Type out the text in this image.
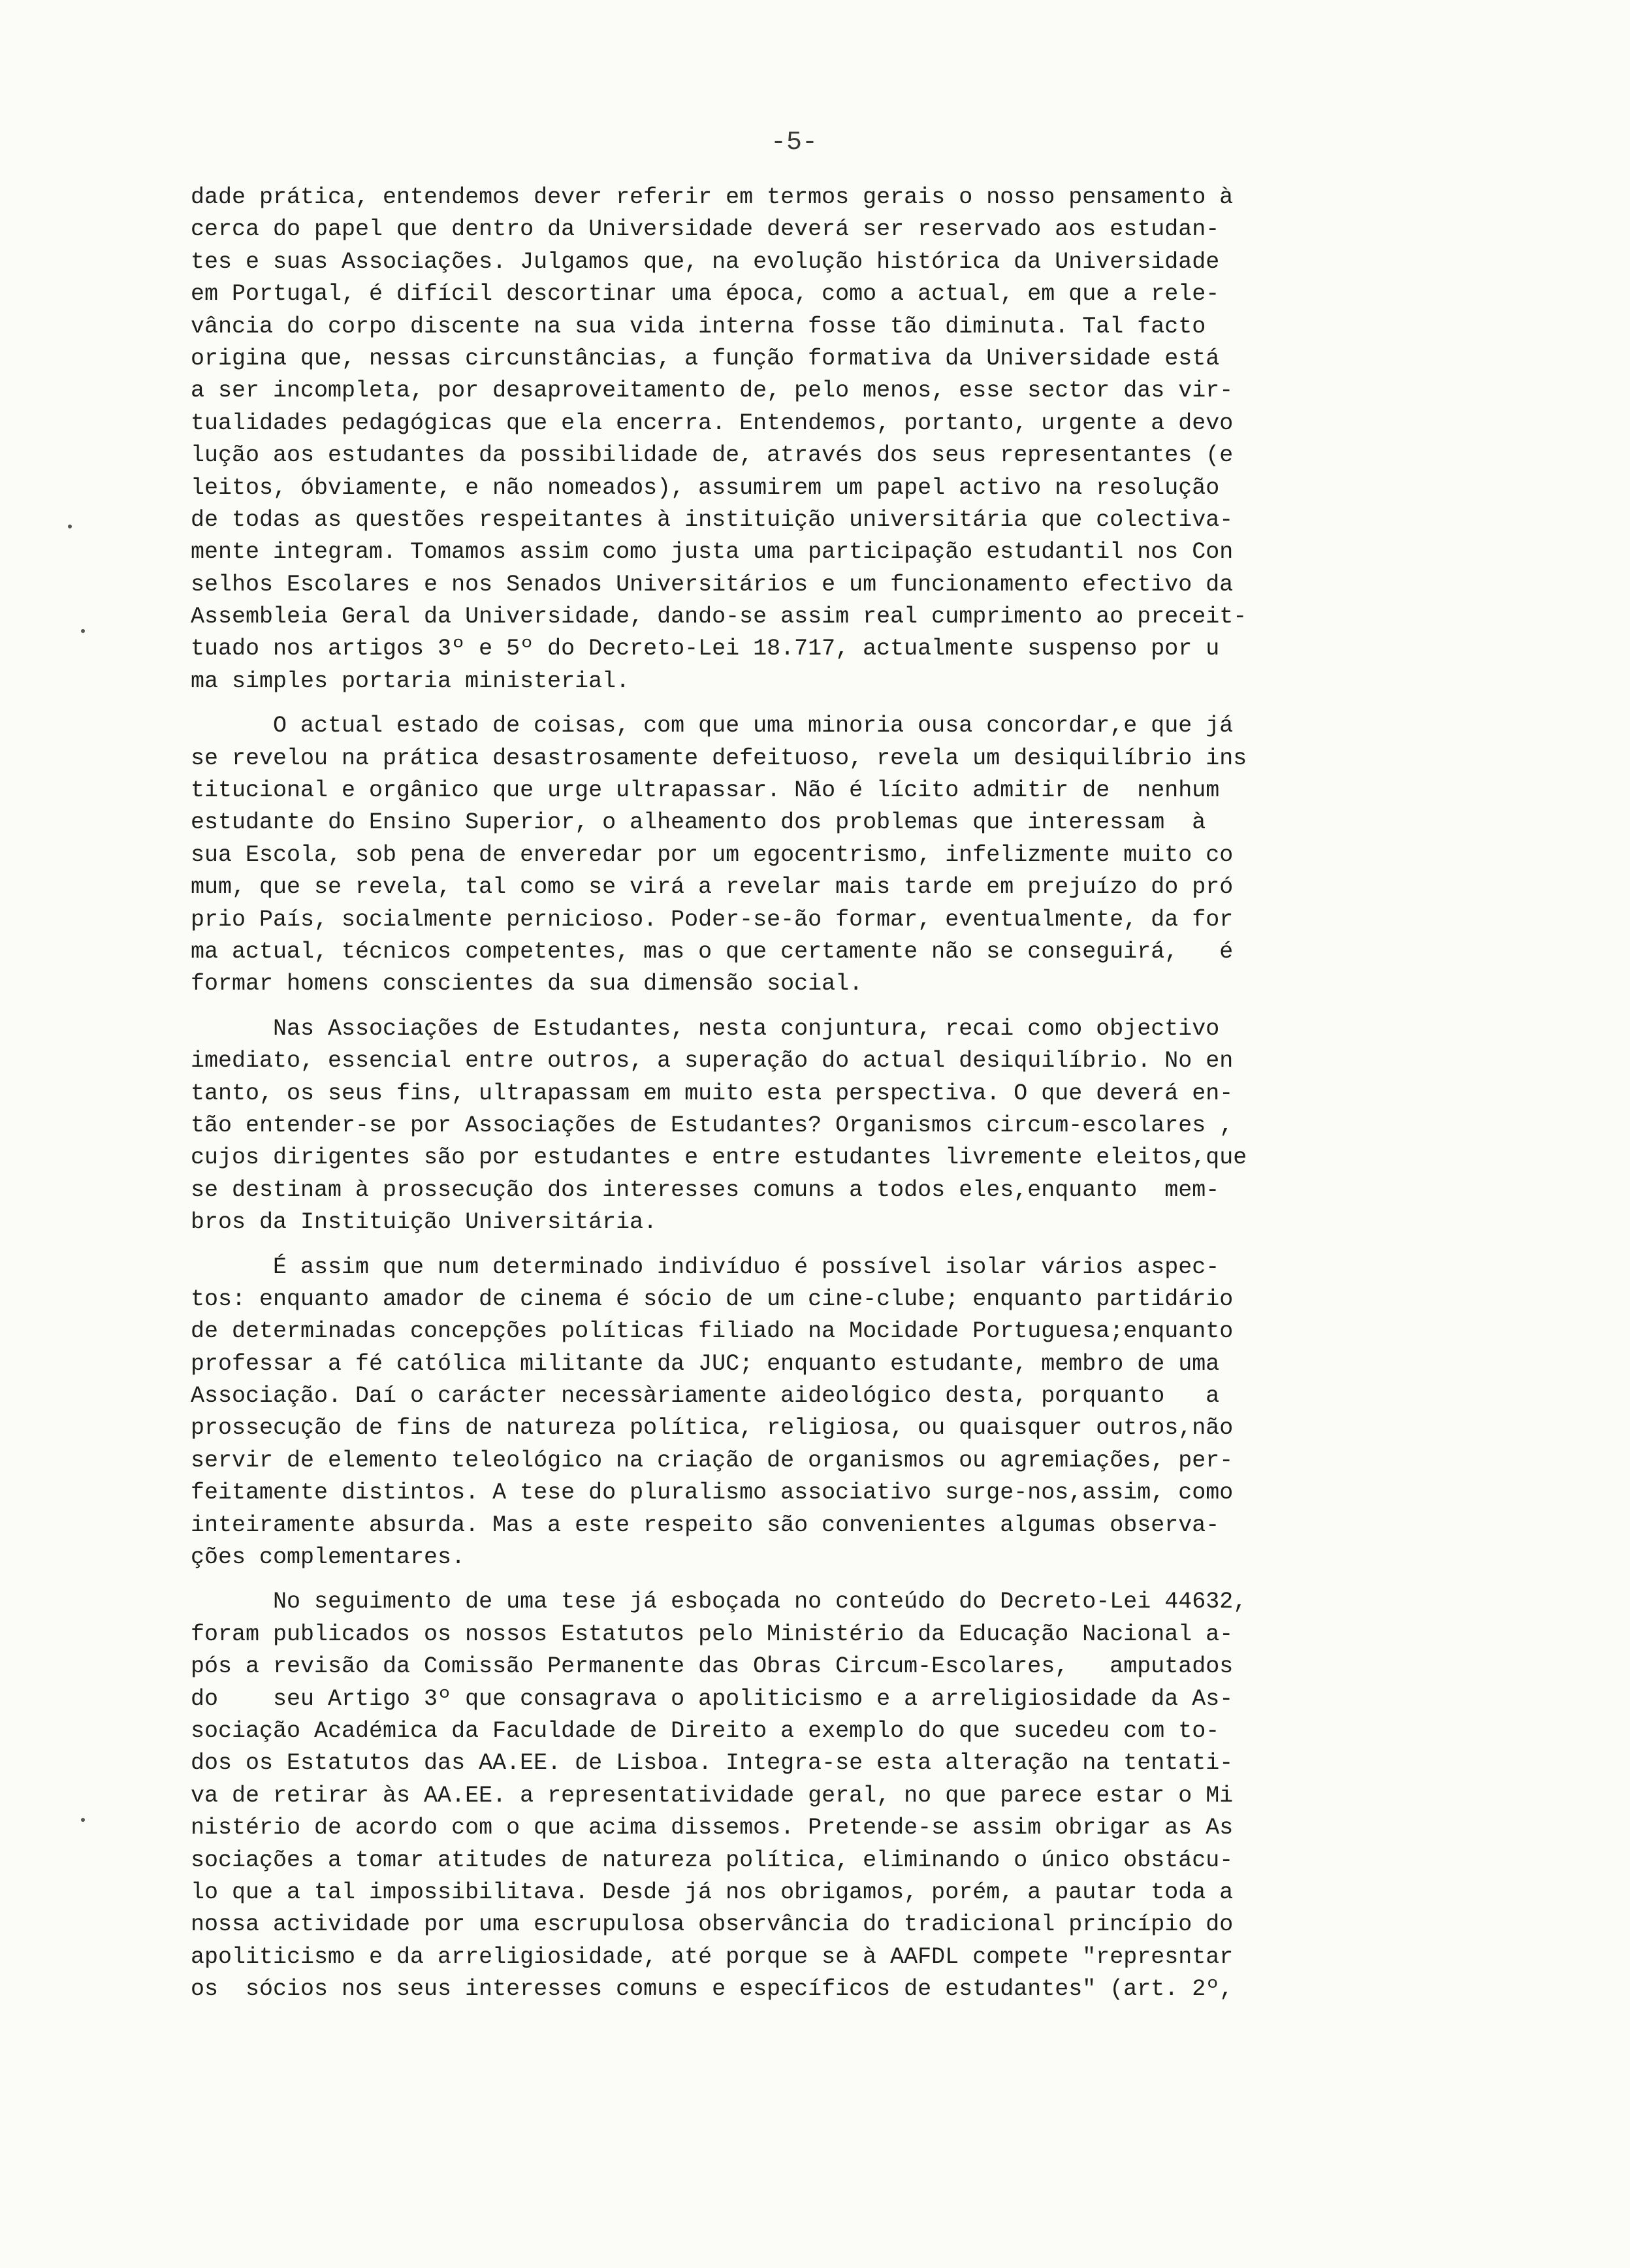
-5-
dade prática, entendemos dever referir em termos gerais o nosso pensamento à
cerca do papel que dentro da Universidade deverá ser reservado aos estudan-
tes e suas Associações. Julgamos que, na evolução histórica da Universidade
em Portugal, é difícil descortinar uma época, como a actual, em que a rele-
vância do corpo discente na sua vida interna fosse tão diminuta. Tal facto
origina que, nessas circunstâncias, a função formativa da Universidade está
a ser incompleta, por desaproveitamento de, pelo menos, esse sector das vir-
tualidades pedagógicas que ela encerra. Entendemos, portanto, urgente a devo
lução aos estudantes da possibilidade de, através dos seus representantes (e
leitos, óbviamente, e não nomeados), assumirem um papel activo na resolução
de todas as questões respeitantes à instituição universitária que colectiva-
mente integram. Tomamos assim como justa uma participação estudantil nos Con
selhos Escolares e nos Senados Universitários e um funcionamento efectivo da
Assembleia Geral da Universidade, dando-se assim real cumprimento ao preceit-
tuado nos artigos 3º e 5º do Decreto-Lei 18.717, actualmente suspenso por u
ma simples portaria ministerial.
O actual estado de coisas, com que uma minoria ousa concordar,e que já
se revelou na prática desastrosamente defeituoso, revela um desiquilíbrio ins
titucional e orgânico que urge ultrapassar. Não é lícito admitir de  nenhum
estudante do Ensino Superior, o alheamento dos problemas que interessam  à
sua Escola, sob pena de enveredar por um egocentrismo, infelizmente muito co
mum, que se revela, tal como se virá a revelar mais tarde em prejuízo do pró
prio País, socialmente pernicioso. Poder-se-ão formar, eventualmente, da for
ma actual, técnicos competentes, mas o que certamente não se conseguirá,   é
formar homens conscientes da sua dimensão social.
Nas Associações de Estudantes, nesta conjuntura, recai como objectivo
imediato, essencial entre outros, a superação do actual desiquilíbrio. No en
tanto, os seus fins, ultrapassam em muito esta perspectiva. O que deverá en-
tão entender-se por Associações de Estudantes? Organismos circum-escolares ,
cujos dirigentes são por estudantes e entre estudantes livremente eleitos,que
se destinam à prossecução dos interesses comuns a todos eles,enquanto  mem-
bros da Instituição Universitária.
É assim que num determinado indivíduo é possível isolar vários aspec-
tos: enquanto amador de cinema é sócio de um cine-clube; enquanto partidário
de determinadas concepções políticas filiado na Mocidade Portuguesa;enquanto
professar a fé católica militante da JUC; enquanto estudante, membro de uma
Associação. Daí o carácter necessàriamente aideológico desta, porquanto   a
prossecução de fins de natureza política, religiosa, ou quaisquer outros,não
servir de elemento teleológico na criação de organismos ou agremiações, per-
feitamente distintos. A tese do pluralismo associativo surge-nos,assim, como
inteiramente absurda. Mas a este respeito são convenientes algumas observa-
ções complementares.
No seguimento de uma tese já esboçada no conteúdo do Decreto-Lei 44632,
foram publicados os nossos Estatutos pelo Ministério da Educação Nacional a-
pós a revisão da Comissão Permanente das Obras Circum-Escolares,   amputados
do    seu Artigo 3º que consagrava o apoliticismo e a arreligiosidade da As-
sociação Académica da Faculdade de Direito a exemplo do que sucedeu com to-
dos os Estatutos das AA.EE. de Lisboa. Integra-se esta alteração na tentati-
va de retirar às AA.EE. a representatividade geral, no que parece estar o Mi
nistério de acordo com o que acima dissemos. Pretende-se assim obrigar as As
sociações a tomar atitudes de natureza política, eliminando o único obstácu-
lo que a tal impossibilitava. Desde já nos obrigamos, porém, a pautar toda a
nossa actividade por uma escrupulosa observância do tradicional princípio do
apoliticismo e da arreligiosidade, até porque se à AAFDL compete "represntar
os  sócios nos seus interesses comuns e específicos de estudantes" (art. 2º,
